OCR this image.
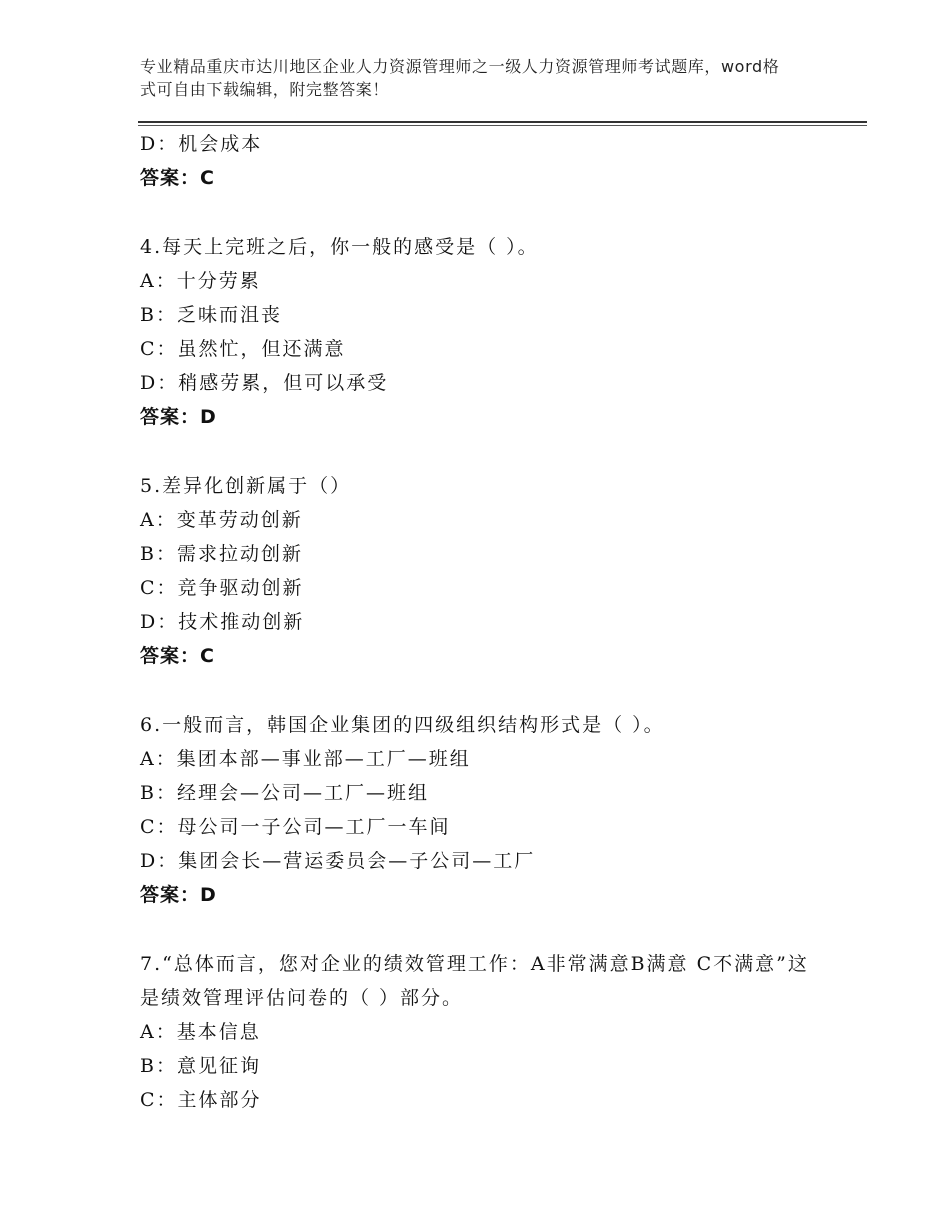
专业精品重庆市达川地区企业人力资源管理师之一级人力资源管理师考试题库，word格式可自由下载编辑，附完整答案！
D：机会成本
答案：C
4.每天上完班之后，你一般的感受是（ ）。
A：十分劳累
B：乏味而沮丧
C：虽然忙，但还满意
D：稍感劳累，但可以承受
答案：D
5.差异化创新属于（）
A：变革劳动创新
B：需求拉动创新
C：竞争驱动创新
D：技术推动创新
答案：C
6.一般而言，韩国企业集团的四级组织结构形式是（ ）。
A：集团本部—事业部—工厂—班组
B：经理会—公司—工厂—班组
C：母公司一子公司—工厂一车间
D：集团会长—营运委员会—子公司—工厂
答案：D
7.“总体而言，您对企业的绩效管理工作：A非常满意B满意 C不满意”这是绩效管理评估问卷的（ ）部分。
A：基本信息
B：意见征询
C：主体部分
